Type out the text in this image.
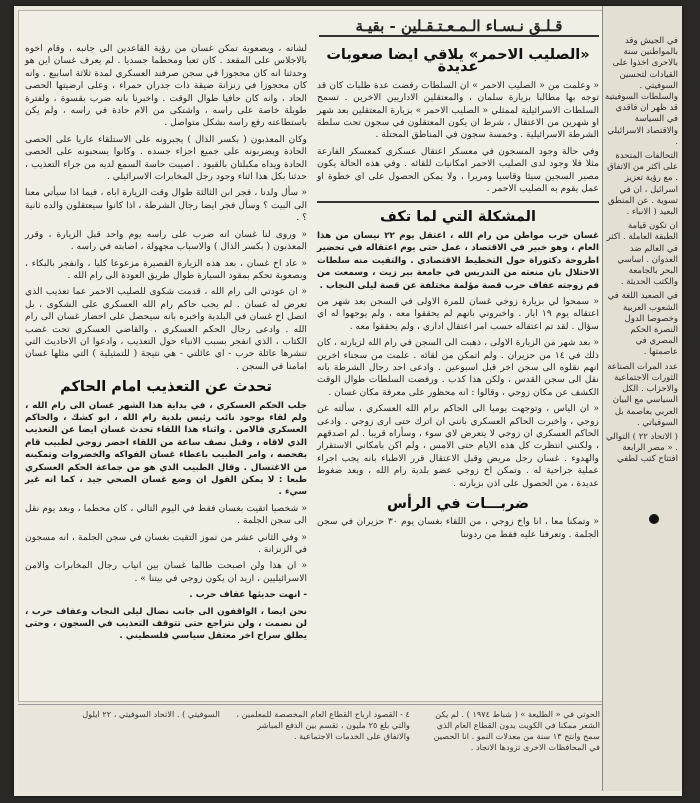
قـلـق نـسـاء الـمـعـتـقـلين - بقيـة
«الصليب الاحمر» يلاقي ايضا صعوبات عديدة

« وعلمت من « الصليب الاحمر » ان السلطات رفضت عدة طلبات كان قد توجه بها مطالبا بزيارة سلمان ، والمعتقلين الاداريين الاخرين . تسمح السلطات الاسرائيلية لممثلي « الصليب الاحمر » بزيارة المعتقلين بعد شهر او شهرين من الاعتقال ، شرط ان يكون المعتقلون في سجون تحت سلطة الشرطة الاسرائيلية . وخمسة سجون في المناطق المحتلة .

وفي حالة وجود المسجون في معسكر اعتقال عسكري كمعسكر الفارعة مثلا فلا وجود لدى الصليب الاحمر امكانيات للقائه . وفي هذه الحالة يكون مصير السجين سيئا وقاسيا ومريرا ، ولا يمكن الحصول على اي خطوة او عمل يقوم به الصليب الاحمر .

المشكلة التي لما تكف

غسان حرب مواطن من رام الله ، اعتقل يوم ٢٢ نيسان من هذا العام ، وهو خبير في الاقتصاد ، عمل حتى يوم اعتقاله في تحضير اطروحة دكتوراة حول التخطيط الاقتصادي . والتقيت منه سلطات الاحتلال بان منعته من التدريس في جامعة بير زيت ، وسمعت من فم زوجته عفاف حرب قصة مؤلمة مختلفة عن قصة ليلى النجاب .

« سمحوا لي بزيارة زوجي غسان للمرة الاولى في السجن بعد شهر من اعتقاله يوم ١٩ ايار . واخبروني بانهم لم يحققوا معه ، ولم يوجهوا له اي سؤال . لقد تم اعتقاله حسب امر اعتقال اداري ، ولم يحققوا معه .

« بعد شهر من الزيارة الاولى ، ذهبت الى السجن في رام الله لزيارته ، كان ذلك في ١٤ من حزيران . ولم اتمكن من لقائه . علمت من سجناء اخرين انهم نقلوه الى سجن اخر قبل اسبوعين . وادعى احد رجال الشرطة بانه نقل الى سجن القدس ، ولكن هذا كذب . ورفضت السلطات طوال الوقت الكشف عن مكان زوجي ، وقالوا : انه محظور على معرفة مكان غسان .

« ان الياس ، وتوجهت يوميا الى الحاكم برام الله العسكري ، سألته عن زوجي ، واخبرت الحاكم العسكري بانني ان اترك حتى ارى زوجي . وادعى الحاكم العسكري ان زوجي لا يتعرض لاي سوء ، وسأراه قريبا . لم اصدقهم ، ولكنني انتظرت كل هذه الايام حتى الامس ، ولم اكن بامكاني الاستقرار والهدوء . غسان رجل مريض وقبل الاعتقال قرر الاطباء بانه يجب اجراء عملية جراحية له . وتمكن اخ زوجي عضو بلدية رام الله ، وبعد ضغوط عديدة ، من الحصول على اذن بزيارته .

ضربـــات في الرأس

« وتمكنا معا ، انا واخ زوجي ، من اللقاء بغسان يوم ٣٠ حزيران في سجن الجلمة . وتعرفنا عليه فقط من ردوننا

لشاته ، وبصعوبة تمكن غسان من رؤية القاعدين الى جانبه ، وقام اخوه بالاجلاس على المقعد . كان تعبا ومحطما جسديا . لم يعرف غسان اين هو وحدثنا انه كان محجوزا في سجن صرفند العسكري لمدة ثلاثة اسابيع . وانه كان محجوزا في زنزانة ضيقة ذات جدران حمراء ، وعلى ارضيتها الحصى الحاد ، وانه كان حافيا طوال الوقت . واخبرنا بانه ضرب بقسوة ، ولفترة طويلة خاصة على راسه ، واشتكى من الام حادة في راسه ، ولم يكن باستطاعته رفع راسه بشكل متواصل .

وكان المعذبون ( بكسر الذال ) يجبرونه على الاستلقاء عاريا على الحصى الحادة ويضربونه على جميع اجزاء جسده . وكانوا يسحبونه على الحصى الحادة ويداه مكبلتان بالقيود . اصيبت حاسة السمع لديه من جراء التعذيب ، حدثنا بكل هذا اثناء وجود رجل المخابرات الاسرائيلي .

« سأل ولدنا ، فجر ابن الثالثة طوال وقت الزيارة اباه ، فيما اذا سيأتي معنا الى البيت ؟ وسأل فجر ايضا رجال الشرطة ، اذا كانوا سيعتقلون والده ثانية ؟ .

« وروى لنا غسان انه ضرب على راسه يوم واحد قبل الزيارة ، وقرر المعذبون ( بكسر الذال ) والاسباب مجهولة ، اصابته في راسه .

« عاد اخ غسان ، بعد هذه الزيارة القصيرة مزعوعا كليا ، وانفجر بالبكاء ، وبصعوبة تحكم بمقود السيارة طوال طريق العودة الى رام الله .

« ان عودتي الى رام الله ، قدمت شكوى للصليب الاحمر عما تعذيب الذي تعرض له غسان . لم يجب حاكم رام الله العسكري على الشكوى ، بل اتصل اخ غسان في البلدية واخبره بانه سيحصل على احضار غسان الى رام الله . وادعى رجال الحكم العسكري ، والقاضي العسكري تحت غضب الكتاب ، الذي انفجر بسبب الانباء حول التعذيب ، وادعوا ان الاحاديث التي تنشرها عائلة حرب - اي عائلتي - هي نتيجة ( للتمثيلية ) التي مثلها غسان امامنا في السجن .

تحدث عن التعذيب امام الحاكم

جلب الحكم العسكري ، في بداية هذا الشهر غسان الى رام الله ، ولم لقاء بوجود نائب رئيس بلدية رام الله ، ابو كشك ، والحاكم العسكري فالامن . واثناء هذا اللقاء تحدث غسان ايضا عن التعذيب الذي لاقاه ، وقبل نصف ساعة من اللقاء احضر زوجي لطبيب قام بفحصه ، وامر الطبيب باعطاء غسان الفواكه والخضروات وتمكينه من الاغتسال . وقال الطبيب الذي هو من جماعة الحكم العسكري طبعا : لا يمكن القول ان وضع غسان الصحي جيد ، كما انه غير سيء .

« شخصيا اتقيت بغسان فقط في اليوم التالي ، كان محطما ، وبعد يوم نقل الى سجن الجلمة .

« وفي الثاني عشر من تموز التقيت بغسان في سجن الجلمة ، انه مسجون في الزنزانة .

« ان هذا ولن اصبحت طالما غسان بين انياب رجال المخابرات والامن الاسرائيليين ، اريد ان يكون زوجي في بيتنا » .

- انهت حديثها عفاف حرب .

نحن ايضا ، الواقفون الى جانب نضال ليلى النجاب وعفاف حرب ، لن نصمت ، ولن نتراجع حتى تتوقف التعذيب في السجون ، وحتى يطلق سراح اخر معتقل سياسي فلسطيني .

الحوتي في « الطليعة » ( شباط ١٩٧٤ ) . لم يكن الشعر ممكنا في الكويت بدون القطاع العام الذي سمح وانتج ١٣ سنة من معدلات النمو . انا الحصين في المحافظات الاخرى تزودها الانجاد .٤ - القصود ارباح القطاع العام المخصصة للمعلمين ، والتي بلغ ٢٥ مليون ، تقسم بين الدفع المباشر والاتفاق على الخدمات الاجتماعية .السوفيتي ) . الاتحاد السوفيتي ، ٢٢ ايلول

في الجيش وقد بالمواطنين سنة بالاحرى اخذوا على القيادات لتحسين السوفيتي . والسلطات السوفيتية قد ظهر ان فاقدي في السياسة والاقتصاد الاسرائيلي .

التحالفات المتحدة على اكثر من الاتفاق . مع رؤية تعزيز اسرائيل ، ان في تسوية . عن المنطق البعيد ( الانباء .

ان تكون قيامة الطبقة العاملة . اكثر في العالم ضد العدوان . اساسي البحر بالجامعة والكتب الحديثة .

في الصعيد اللغة في الشعوب العربية وخصوصا الدول النصرة الحكم المصري في عاصمتها .

عدد المرات الصناعة الثورات الاجتماعية والاحزاب . الكل السياسي مع البيان العربي بعاصمة بل السوفياتي .

( الاتحاد ٢٢ ) التوالي . « مصر الرابعة افتتاح كتب لطفي
